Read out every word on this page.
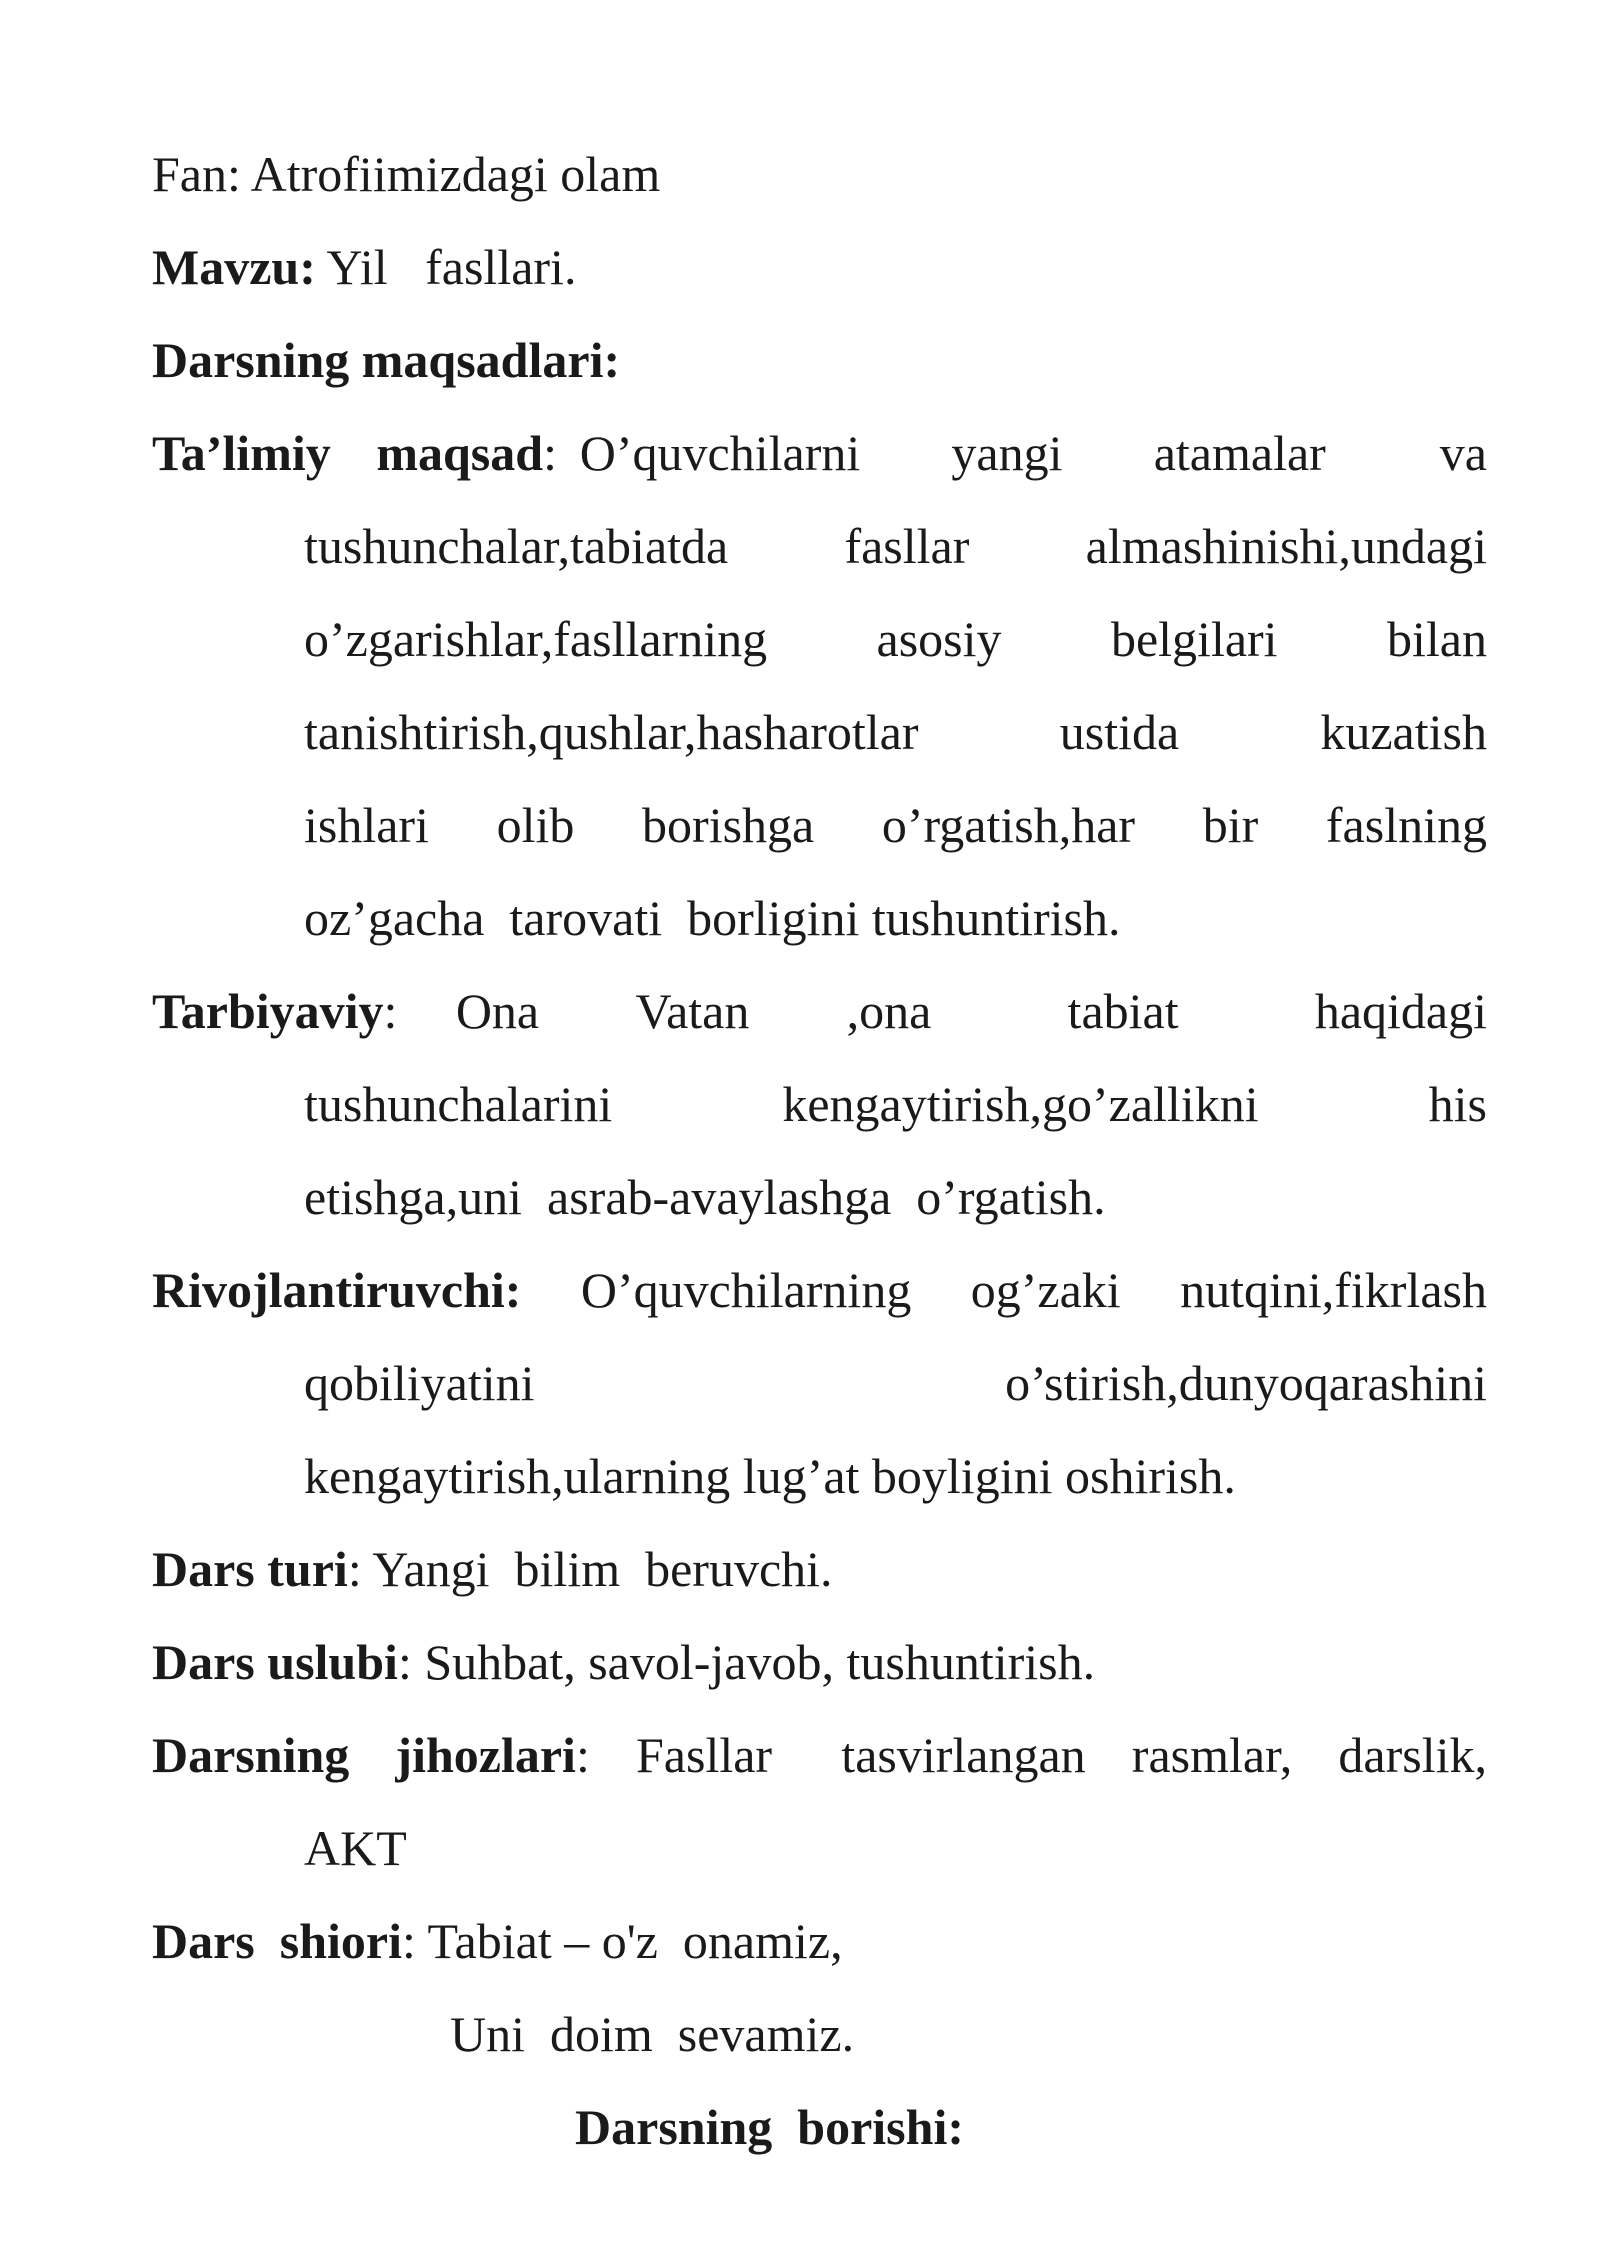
Fan: Atrofiimizdagi olam
Mavzu: Yil   fasllari.
Darsning maqsadlari:
Ta’limiy  maqsad: O’quvchilarni    yangi    atamalar     va
tushunchalar,tabiatda fasllar almashinishi,undagi
o’zgarishlar,fasllarning asosiy belgilari bilan
tanishtirish,qushlar,hasharotlar ustida kuzatish
ishlari olib borishga o’rgatish,har bir faslning
oz’gacha  tarovati  borligini tushuntirish.
Tarbiyaviy:   Ona     Vatan     ,ona       tabiat       haqidagi
tushunchalarini kengaytirish,go’zallikni his
etishga,uni  asrab-avaylashga  o’rgatish.
Rivojlantiruvchi:  O’quvchilarning  og’zaki  nutqini,fikrlash
qobiliyatini o’stirish,dunyoqarashini
kengaytirish,ularning lug’at boyligini oshirish.
Dars turi: Yangi  bilim  beruvchi.
Dars uslubi: Suhbat, savol-javob, tushuntirish.
Darsning  jihozlari:  Fasllar   tasvirlangan  rasmlar,  darslik,
AKT
Dars  shiori: Tabiat – o'z  onamiz,
Uni  doim  sevamiz.
Darsning  borishi:
